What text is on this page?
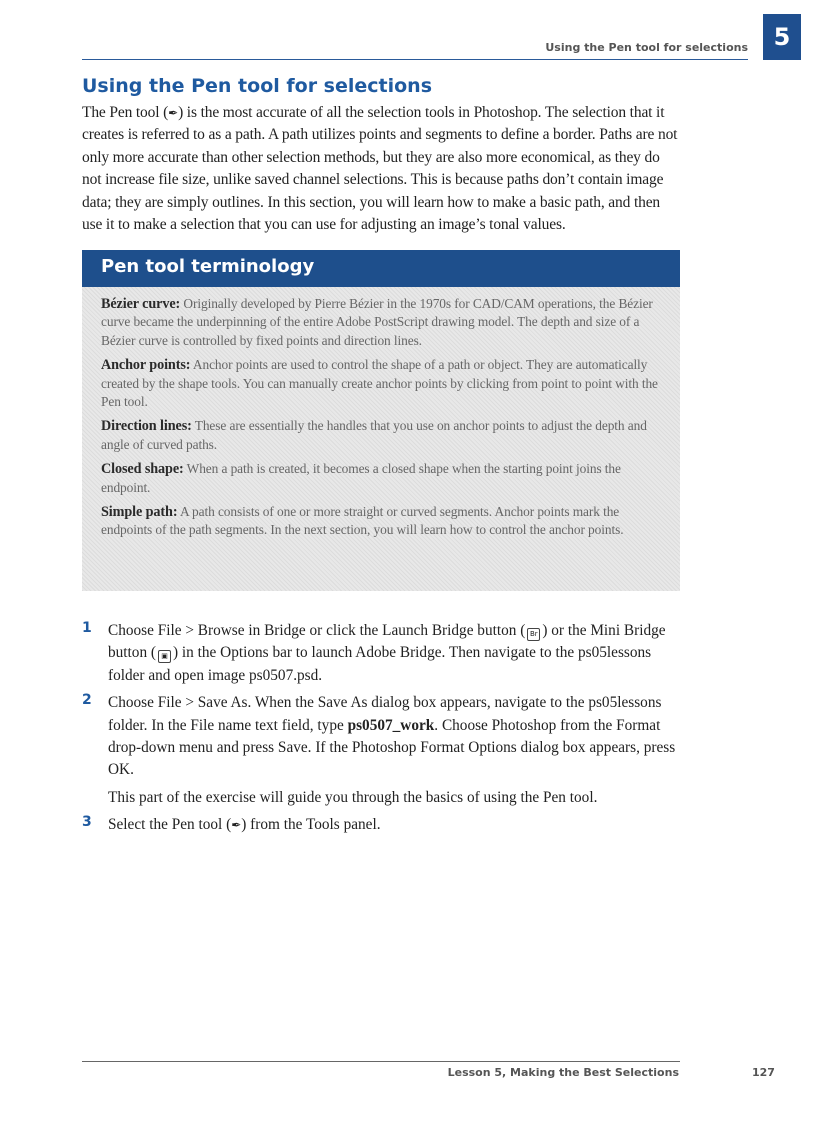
Using the Pen tool for selections	5
Using the Pen tool for selections

The Pen tool (✒) is the most accurate of all the selection tools in Photoshop. The selection that it creates is referred to as a path. A path utilizes points and segments to define a border. Paths are not only more accurate than other selection methods, but they are also more economical, as they do not increase file size, unlike saved channel selections. This is because paths don’t contain image data; they are simply outlines. In this section, you will learn how to make a basic path, and then use it to make a selection that you can use for adjusting an image’s tonal values.

Pen tool terminology

Bézier curve: Originally developed by Pierre Bézier in the 1970s for CAD/CAM operations, the Bézier curve became the underpinning of the entire Adobe PostScript drawing model. The depth and size of a Bézier curve is controlled by fixed points and direction lines.

Anchor points: Anchor points are used to control the shape of a path or object. They are automatically created by the shape tools. You can manually create anchor points by clicking from point to point with the Pen tool.

Direction lines: These are essentially the handles that you use on anchor points to adjust the depth and angle of curved paths.

Closed shape: When a path is created, it becomes a closed shape when the starting point joins the endpoint.

Simple path: A path consists of one or more straight or curved segments. Anchor points mark the endpoints of the path segments. In the next section, you will learn how to control the anchor points.

1 Choose File > Browse in Bridge or click the Launch Bridge button ( Br ) or the Mini Bridge button ( ▣ ) in the Options bar to launch Adobe Bridge. Then navigate to the ps05lessons folder and open image ps0507.psd.
2 Choose File > Save As. When the Save As dialog box appears, navigate to the ps05lessons folder. In the File name text field, type ps0507_work. Choose Photoshop from the Format drop-down menu and press Save. If the Photoshop Format Options dialog box appears, press OK.

This part of the exercise will guide you through the basics of using the Pen tool.

3 Select the Pen tool (✒) from the Tools panel.
Lesson 5, Making the Best Selections	127
